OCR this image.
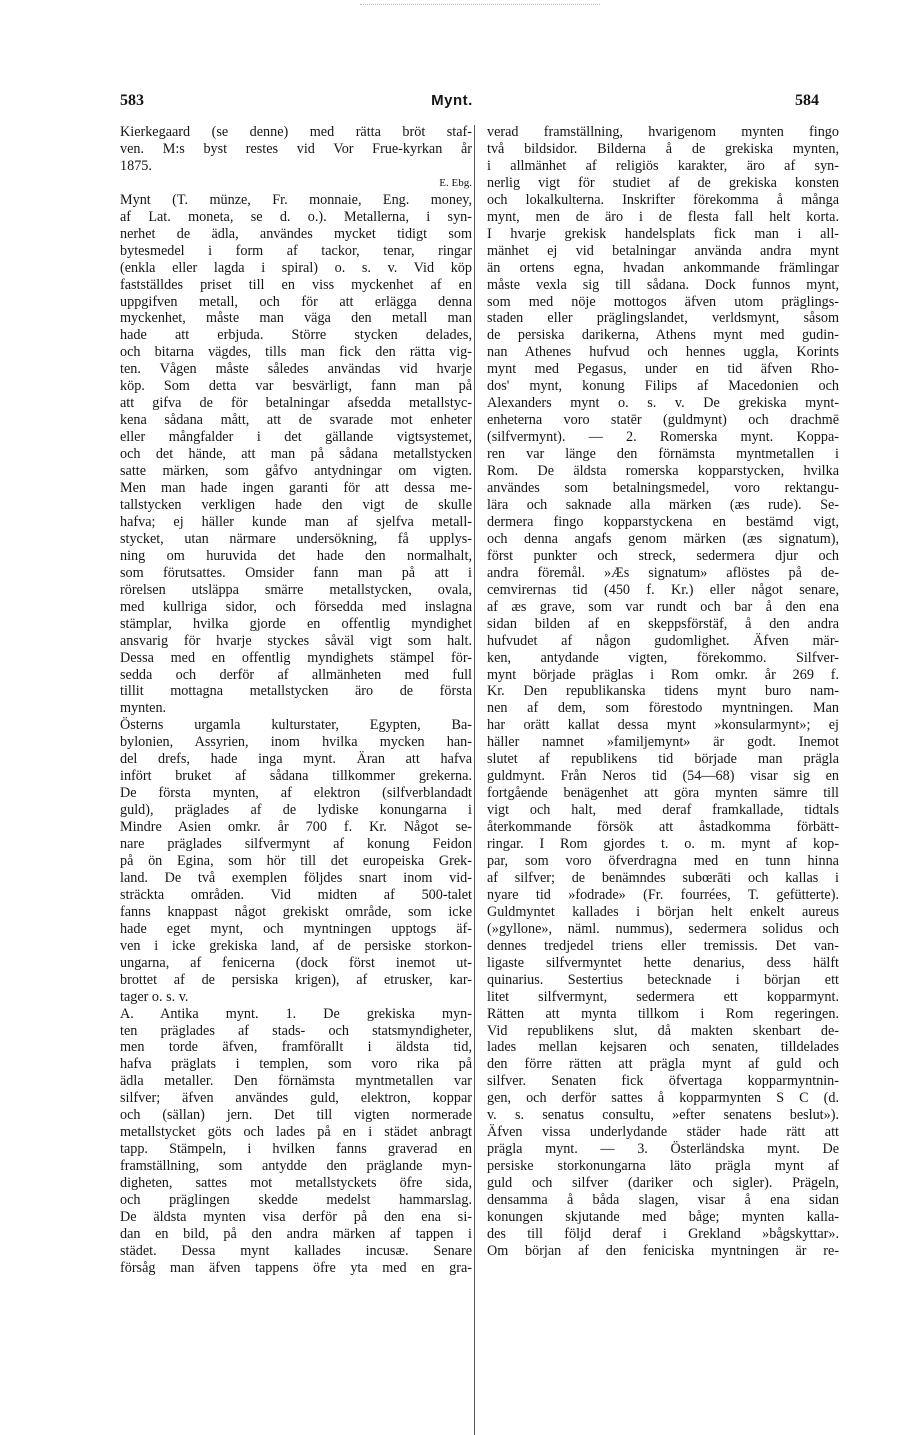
583	Mynt.	584
Kierkegaard (se denne) med rätta bröt staf-
ven. M:s byst restes vid Vor Frue-kyrkan år
1875.
E. Ebg.
Mynt (T. münze, Fr. monnaie, Eng. money,
af Lat. moneta, se d. o.). Metallerna, i syn-
nerhet de ädla, användes mycket tidigt som
bytesmedel i form af tackor, tenar, ringar
(enkla eller lagda i spiral) o. s. v. Vid köp
fastställdes priset till en viss myckenhet af en
uppgifven metall, och för att erlägga denna
myckenhet, måste man väga den metall man
hade att erbjuda. Större stycken delades,
och bitarna vägdes, tills man fick den rätta vig-
ten. Vågen måste således användas vid hvarje
köp. Som detta var besvärligt, fann man på
att gifva de för betalningar afsedda metallstyc-
kena sådana mått, att de svarade mot enheter
eller mångfalder i det gällande vigtsystemet,
och det hände, att man på sådana metallstycken
satte märken, som gåfvo antydningar om vigten.
Men man hade ingen garanti för att dessa me-
tallstycken verkligen hade den vigt de skulle
hafva; ej häller kunde man af sjelfva metall-
stycket, utan närmare undersökning, få upplys-
ning om huruvida det hade den normalhalt,
som förutsattes. Omsider fann man på att i
rörelsen utsläppa smärre metallstycken, ovala,
med kullriga sidor, och försedda med inslagna
stämplar, hvilka gjorde en offentlig myndighet
ansvarig för hvarje styckes såväl vigt som halt.
Dessa med en offentlig myndighets stämpel för-
sedda och derför af allmänheten med full
tillit mottagna metallstycken äro de första
mynten.
Österns urgamla kulturstater, Egypten, Ba-
bylonien, Assyrien, inom hvilka mycken han-
del drefs, hade inga mynt. Äran att hafva
infört bruket af sådana tillkommer grekerna.
De första mynten, af elektron (silfverblandadt
guld), präglades af de lydiske konungarna i
Mindre Asien omkr. år 700 f. Kr. Något se-
nare präglades silfvermynt af konung Feidon
på ön Egina, som hör till det europeiska Grek-
land. De två exemplen följdes snart inom vid-
sträckta områden. Vid midten af 500-talet
fanns knappast något grekiskt område, som icke
hade eget mynt, och myntningen upptogs äf-
ven i icke grekiska land, af de persiske storkon-
ungarna, af fenicerna (dock först inemot ut-
brottet af de persiska krigen), af etrusker, kar-
tager o. s. v.
A. Antika mynt. 1. De grekiska myn-
ten präglades af stads- och statsmyndigheter,
men torde äfven, framförallt i äldsta tid,
hafva präglats i templen, som voro rika på
ädla metaller. Den förnämsta myntmetallen var
silfver; äfven användes guld, elektron, koppar
och (sällan) jern. Det till vigten normerade
metallstycket göts och lades på en i städet anbragt
tapp. Stämpeln, i hvilken fanns graverad en
framställning, som antydde den präglande myn-
digheten, sattes mot metallstyckets öfre sida,
och präglingen skedde medelst hammarslag.
De äldsta mynten visa derför på den ena si-
dan en bild, på den andra märken af tappen i
städet. Dessa mynt kallades incusæ. Senare
försåg man äfven tappens öfre yta med en gra-
verad framställning, hvarigenom mynten fingo
två bildsidor. Bilderna å de grekiska mynten,
i allmänhet af religiös karakter, äro af syn-
nerlig vigt för studiet af de grekiska konsten
och lokalkulterna. Inskrifter förekomma å många
mynt, men de äro i de flesta fall helt korta.
I hvarje grekisk handelsplats fick man i all-
mänhet ej vid betalningar använda andra mynt
än ortens egna, hvadan ankommande främlingar
måste vexla sig till sådana. Dock funnos mynt,
som med nöje mottogos äfven utom präglings-
staden eller präglingslandet, verldsmynt, såsom
de persiska darikerna, Athens mynt med gudin-
nan Athenes hufvud och hennes uggla, Korints
mynt med Pegasus, under en tid äfven Rho-
dos' mynt, konung Filips af Macedonien och
Alexanders mynt o. s. v. De grekiska mynt-
enheterna voro statēr (guldmynt) och drachmē
(silfvermynt). — 2. Romerska mynt. Koppa-
ren var länge den förnämsta myntmetallen i
Rom. De äldsta romerska kopparstycken, hvilka
användes som betalningsmedel, voro rektangu-
lära och saknade alla märken (æs rude). Se-
dermera fingo kopparstyckena en bestämd vigt,
och denna angafs genom märken (æs signatum),
först punkter och streck, sedermera djur och
andra föremål. »Æs signatum» aflöstes på de-
cemvirernas tid (450 f. Kr.) eller något senare,
af æs grave, som var rundt och bar å den ena
sidan bilden af en skeppsförstäf, å den andra
hufvudet af någon gudomlighet. Äfven mär-
ken, antydande vigten, förekommo. Silfver-
mynt började präglas i Rom omkr. år 269 f.
Kr. Den republikanska tidens mynt buro nam-
nen af dem, som förestodo myntningen. Man
har orätt kallat dessa mynt »konsularmynt»; ej
häller namnet »familjemynt» är godt. Inemot
slutet af republikens tid började man prägla
guldmynt. Från Neros tid (54—68) visar sig en
fortgående benägenhet att göra mynten sämre till
vigt och halt, med deraf framkallade, tidtals
återkommande försök att åstadkomma förbätt-
ringar. I Rom gjordes t. o. m. mynt af kop-
par, som voro öfverdragna med en tunn hinna
af silfver; de benämndes subœrāti och kallas i
nyare tid »fodrade» (Fr. fourrées, T. gefütterte).
Guldmyntet kallades i början helt enkelt aureus
(»gyllone», näml. nummus), sedermera solidus och
dennes tredjedel triens eller tremissis. Det van-
ligaste silfvermyntet hette denarius, dess hälft
quinarius. Sestertius betecknade i början ett
litet silfvermynt, sedermera ett kopparmynt.
Rätten att mynta tillkom i Rom regeringen.
Vid republikens slut, då makten skenbart de-
lades mellan kejsaren och senaten, tilldelades
den förre rätten att prägla mynt af guld och
silfver. Senaten fick öfvertaga kopparmyntnin-
gen, och derför sattes å kopparmynten S C (d.
v. s. senatus consultu, »efter senatens beslut»).
Äfven vissa underlydande städer hade rätt att
prägla mynt. — 3. Österländska mynt. De
persiske storkonungarna läto prägla mynt af
guld och silfver (dariker och sigler). Prägeln,
densamma å båda slagen, visar å ena sidan
konungen skjutande med båge; mynten kalla-
des till följd deraf i Grekland »bågskyttar».
Om början af den feniciska myntningen är re-
